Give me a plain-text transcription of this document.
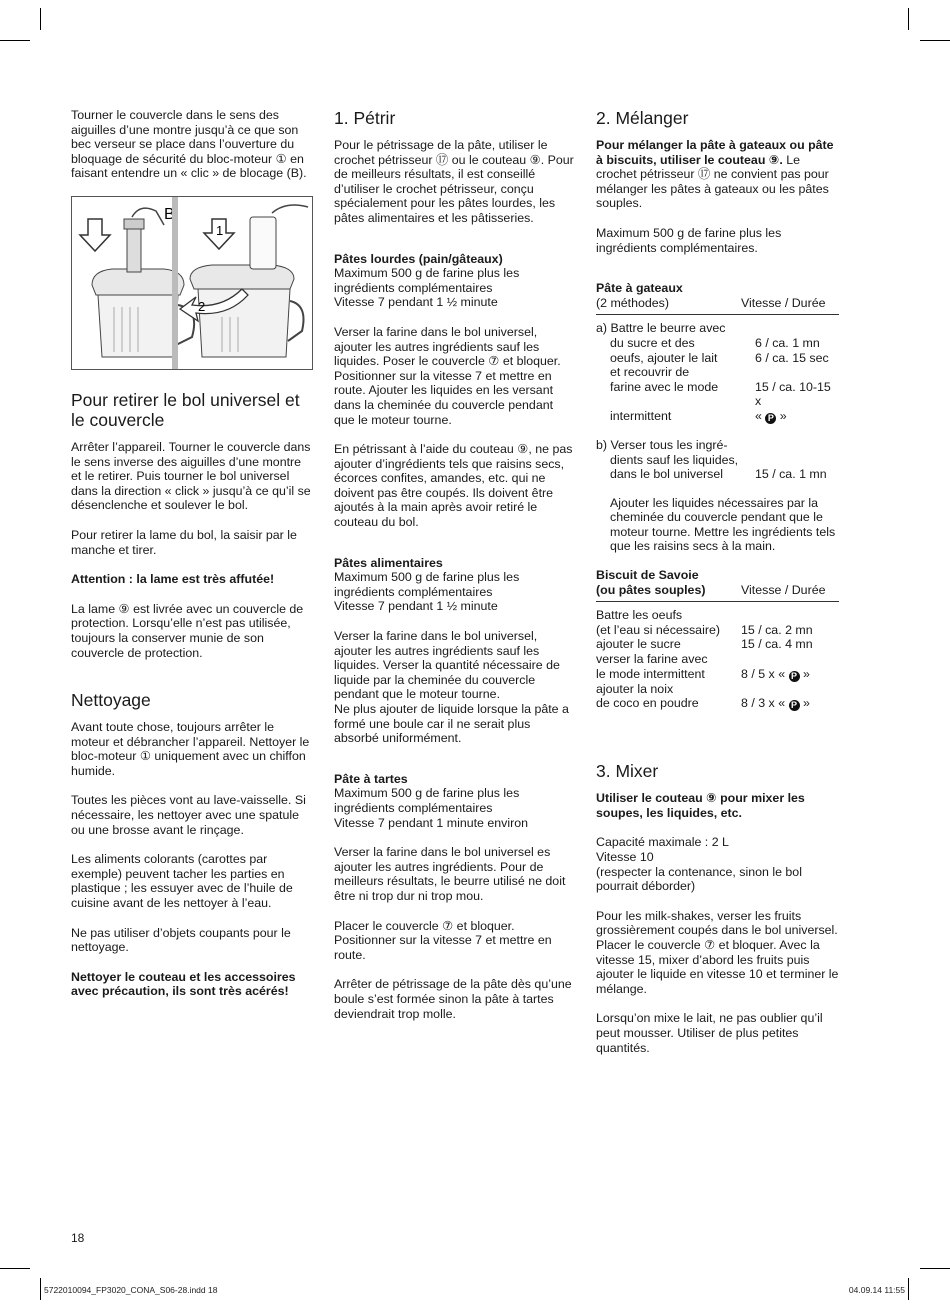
Tourner le couvercle dans le sens des aiguilles d’une montre jusqu’à ce que son bec verseur se place dans l’ouverture du bloquage de sécurité du bloc-moteur ① en faisant entendre un « clic » de blocage (B).

B
1
2
Pour retirer le bol universel et le couvercle

Arrêter l’appareil. Tourner le couvercle dans le sens inverse des aiguilles d’une montre et le retirer. Puis tourner le bol universel dans la direction « click » jusqu’à ce qu’il se désenclenche et soulever le bol.

Pour retirer la lame du bol, la saisir par le manche et tirer.

Attention : la lame est très affutée!

La lame ⑨ est livrée avec un couvercle de protection. Lorsqu’elle n’est pas utilisée, toujours la conserver munie de son couvercle de protection.

Nettoyage

Avant toute chose, toujours arrêter le moteur et débrancher l’appareil. Nettoyer le bloc-moteur ① uniquement avec un chiffon humide.

Toutes les pièces vont au lave-vaisselle. Si nécessaire, les nettoyer avec une spatule ou une brosse avant le rinçage.

Les aliments colorants (carottes par exemple) peuvent tacher les parties en plastique ; les essuyer avec de l’huile de cuisine avant de les nettoyer à l’eau.

Ne pas utiliser d’objets coupants pour le nettoyage.

Nettoyer le couteau et les accessoires avec précaution, ils sont très acérés!

1. Pétrir

Pour le pétrissage de la pâte, utiliser le crochet pétrisseur ⑰ ou le couteau ⑨. Pour de meilleurs résultats, il est conseillé d’utiliser le crochet pétrisseur, conçu spécialement pour les pâtes lourdes, les pâtes alimentaires et les pâtisseries.

Pâtes lourdes (pain/gâteaux)

Maximum 500 g de farine plus les ingrédients complémentaires

Vitesse 7 pendant 1 ½ minute

Verser la farine dans le bol universel, ajouter les autres ingrédients sauf les liquides. Poser le couvercle ⑦ et bloquer. Positionner sur la vitesse 7 et mettre en route. Ajouter les liquides en les versant dans la cheminée du couvercle pendant que le moteur tourne.

En pétrissant à l’aide du couteau ⑨, ne pas ajouter d’ingrédients tels que raisins secs, écorces confites, amandes, etc. qui ne doivent pas être coupés. Ils doivent être ajoutés à la main après avoir retiré le couteau du bol.

Pâtes alimentaires

Maximum 500 g de farine plus les ingrédients complémentaires

Vitesse 7 pendant 1 ½ minute

Verser la farine dans le bol universel, ajouter les autres ingrédients sauf les liquides. Verser la quantité nécessaire de liquide par la cheminée du couvercle pendant que le moteur tourne.

Ne plus ajouter de liquide lorsque la pâte a formé une boule car il ne serait plus absorbé uniformément.

Pâte à tartes

Maximum 500 g de farine plus les ingrédients complémentaires

Vitesse 7 pendant 1 minute environ

Verser la farine dans le bol universel es ajouter les autres ingrédients. Pour de meilleurs résultats, le beurre utilisé ne doit être ni trop dur ni trop mou.

Placer le couvercle ⑦ et bloquer. Positionner sur la vitesse 7 et mettre en route.

Arrêter de pétrissage de la pâte dès qu’une boule s’est formée sinon la pâte à tartes deviendrait trop molle.

2. Mélanger

Pour mélanger la pâte à gateaux ou pâte à biscuits, utiliser le couteau ⑨. Le crochet pétrisseur ⑰ ne convient pas pour mélanger les pâtes à gateaux ou les pâtes souples.

Maximum 500 g de farine plus les ingrédients complémentaires.

Pâte à gateaux
(2 méthodes)	Vitesse / Durée
a) Battre le beurre avec
du sucre et des	6 / ca. 1 mn
oeufs, ajouter le lait	6 / ca. 15 sec
et recouvrir de
farine avec le mode	15 / ca. 10-15 x
intermittent	« P »
b) Verser tous les ingré-
dients sauf les liquides,
dans le bol universel	15 / ca. 1 mn

Ajouter les liquides nécessaires par la cheminée du couvercle pendant que le moteur tourne. Mettre les ingrédients tels que les raisins secs à la main.

Biscuit de Savoie
(ou pâtes souples)	Vitesse / Durée
Battre les oeufs
(et l’eau si nécessaire)	15 / ca. 2 mn
ajouter le sucre	15 / ca. 4 mn
verser la farine avec
le mode intermittent	8 / 5 x « P »
ajouter la noix
de coco en poudre	8 / 3 x « P »
3. Mixer

Utiliser le couteau ⑨ pour mixer les soupes, les liquides, etc.

Capacité maximale : 2 L

Vitesse 10

(respecter la contenance, sinon le bol pourrait déborder)

Pour les milk-shakes, verser les fruits grossièrement coupés dans le bol universel. Placer le couvercle ⑦ et bloquer. Avec la vitesse 15, mixer d’abord les fruits puis ajouter le liquide en vitesse 10 et terminer le mélange.

Lorsqu’on mixe le lait, ne pas oublier qu’il peut mousser. Utiliser de plus petites quantités.

18
5722010094_FP3020_CONA_S06-28.indd 18	04.09.14 11:55
